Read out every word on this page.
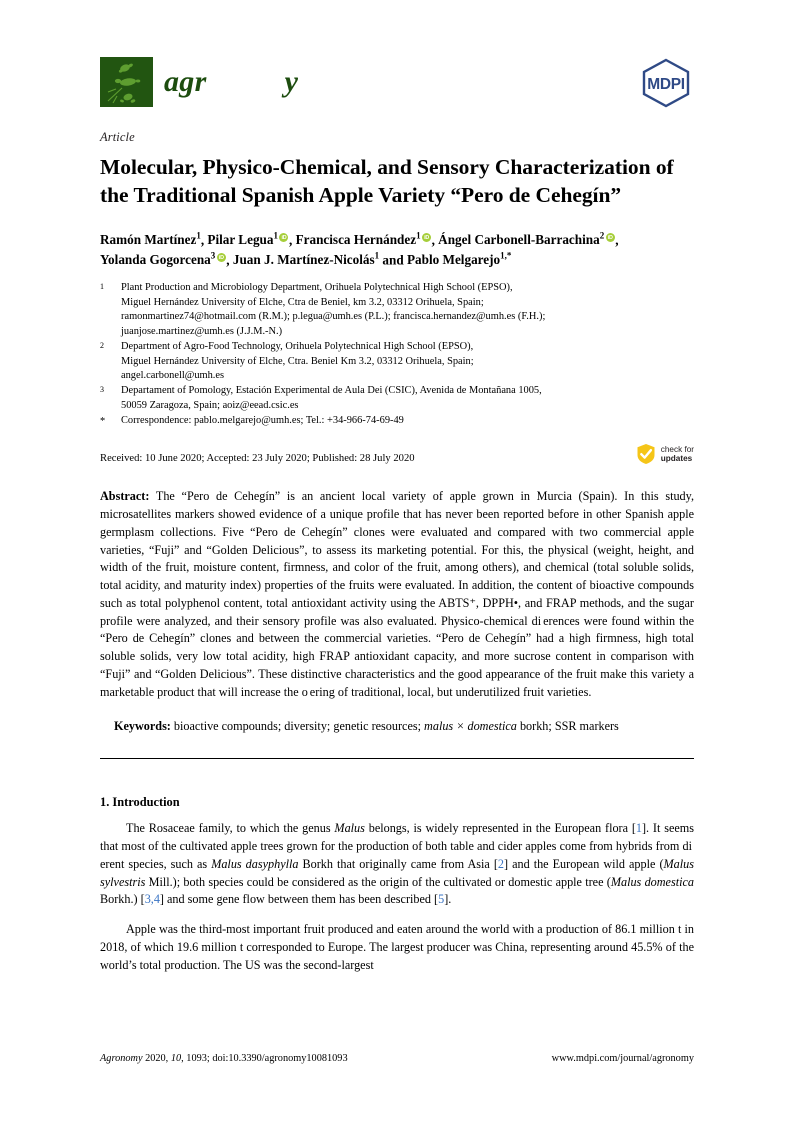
agr          y	MDPI
Article
Molecular, Physico-Chemical, and Sensory Characterization of the Traditional Spanish Apple Variety “Pero de Cehegín”
Ramón Martínez$^1$, Pilar Legua$^1$ iD , Francisca Hernández$^1$ iD , Ángel Carbonell-Barrachina$^2$iD ,
Yolanda Gogorcena$^3$ iD , Juan J. Martínez-Nicolás$^1$ and Pablo Melgarejo$^{1,*}$
1	Plant Production and Microbiology Department, Orihuela Polytechnical High School (EPSO),
Miguel Hernández University of Elche, Ctra de Beniel, km 3.2, 03312 Orihuela, Spain;
ramonmartinez74@hotmail.com (R.M.); p.legua@umh.es (P.L.); francisca.hernandez@umh.es (F.H.);
juanjose.martinez@umh.es (J.J.M.-N.)
2	Department of Agro-Food Technology, Orihuela Polytechnical High School (EPSO),
Miguel Hernández University of Elche, Ctra. Beniel Km 3.2, 03312 Orihuela, Spain;
angel.carbonell@umh.es
3	Departament of Pomology, Estación Experimental de Aula Dei (CSIC), Avenida de Montañana 1005,
50059 Zaragoza, Spain; aoiz@eead.csic.es
*	Correspondence: pablo.melgarejo@umh.es; Tel.: +34-966-74-69-49
Received: 10 June 2020; Accepted: 23 July 2020; Published: 28 July 2020
check for
updates
Abstract: The “Pero de Cehegín” is an ancient local variety of apple grown in Murcia (Spain). In this study, microsatellites markers showed evidence of a unique profile that has never been reported before in other Spanish apple germplasm collections. Five “Pero de Cehegín” clones were evaluated and compared with two commercial apple varieties, “Fuji” and “Golden Delicious”, to assess its marketing potential. For this, the physical (weight, height, and width of the fruit, moisture content, firmness, and color of the fruit, among others), and chemical (total soluble solids, total acidity, and maturity index) properties of the fruits were evaluated. In addition, the content of bioactive compounds such as total polyphenol content, total antioxidant activity using the ABTS⁺, DPPH•, and FRAP methods, and the sugar profile were analyzed, and their sensory profile was also evaluated. Physico-chemical di erences were found within the “Pero de Cehegín” clones and between the commercial varieties. “Pero de Cehegín” had a high firmness, high total soluble solids, very low total acidity, high FRAP antioxidant capacity, and more sucrose content in comparison with “Fuji” and “Golden Delicious”. These distinctive characteristics and the good appearance of the fruit make this variety a marketable product that will increase the o ering of traditional, local, but underutilized fruit varieties.
Keywords: bioactive compounds; diversity; genetic resources; malus × domestica borkh; SSR markers
1. Introduction

The Rosaceae family, to which the genus Malus belongs, is widely represented in the European flora [1]. It seems that most of the cultivated apple trees grown for the production of both table and cider apples come from hybrids from di erent species, such as Malus dasyphylla Borkh that originally came from Asia [2] and the European wild apple (Malus sylvestris Mill.); both species could be considered as the origin of the cultivated or domestic apple tree (Malus domestica Borkh.) [3,4] and some gene flow between them has been described [5].

Apple was the third-most important fruit produced and eaten around the world with a production of 86.1 million t in 2018, of which 19.6 million t corresponded to Europe. The largest producer was China, representing around 45.5% of the world’s total production. The US was the second-largest

Agronomy 2020, 10, 1093; doi:10.3390/agronomy10081093	www.mdpi.com/journal/agronomy
